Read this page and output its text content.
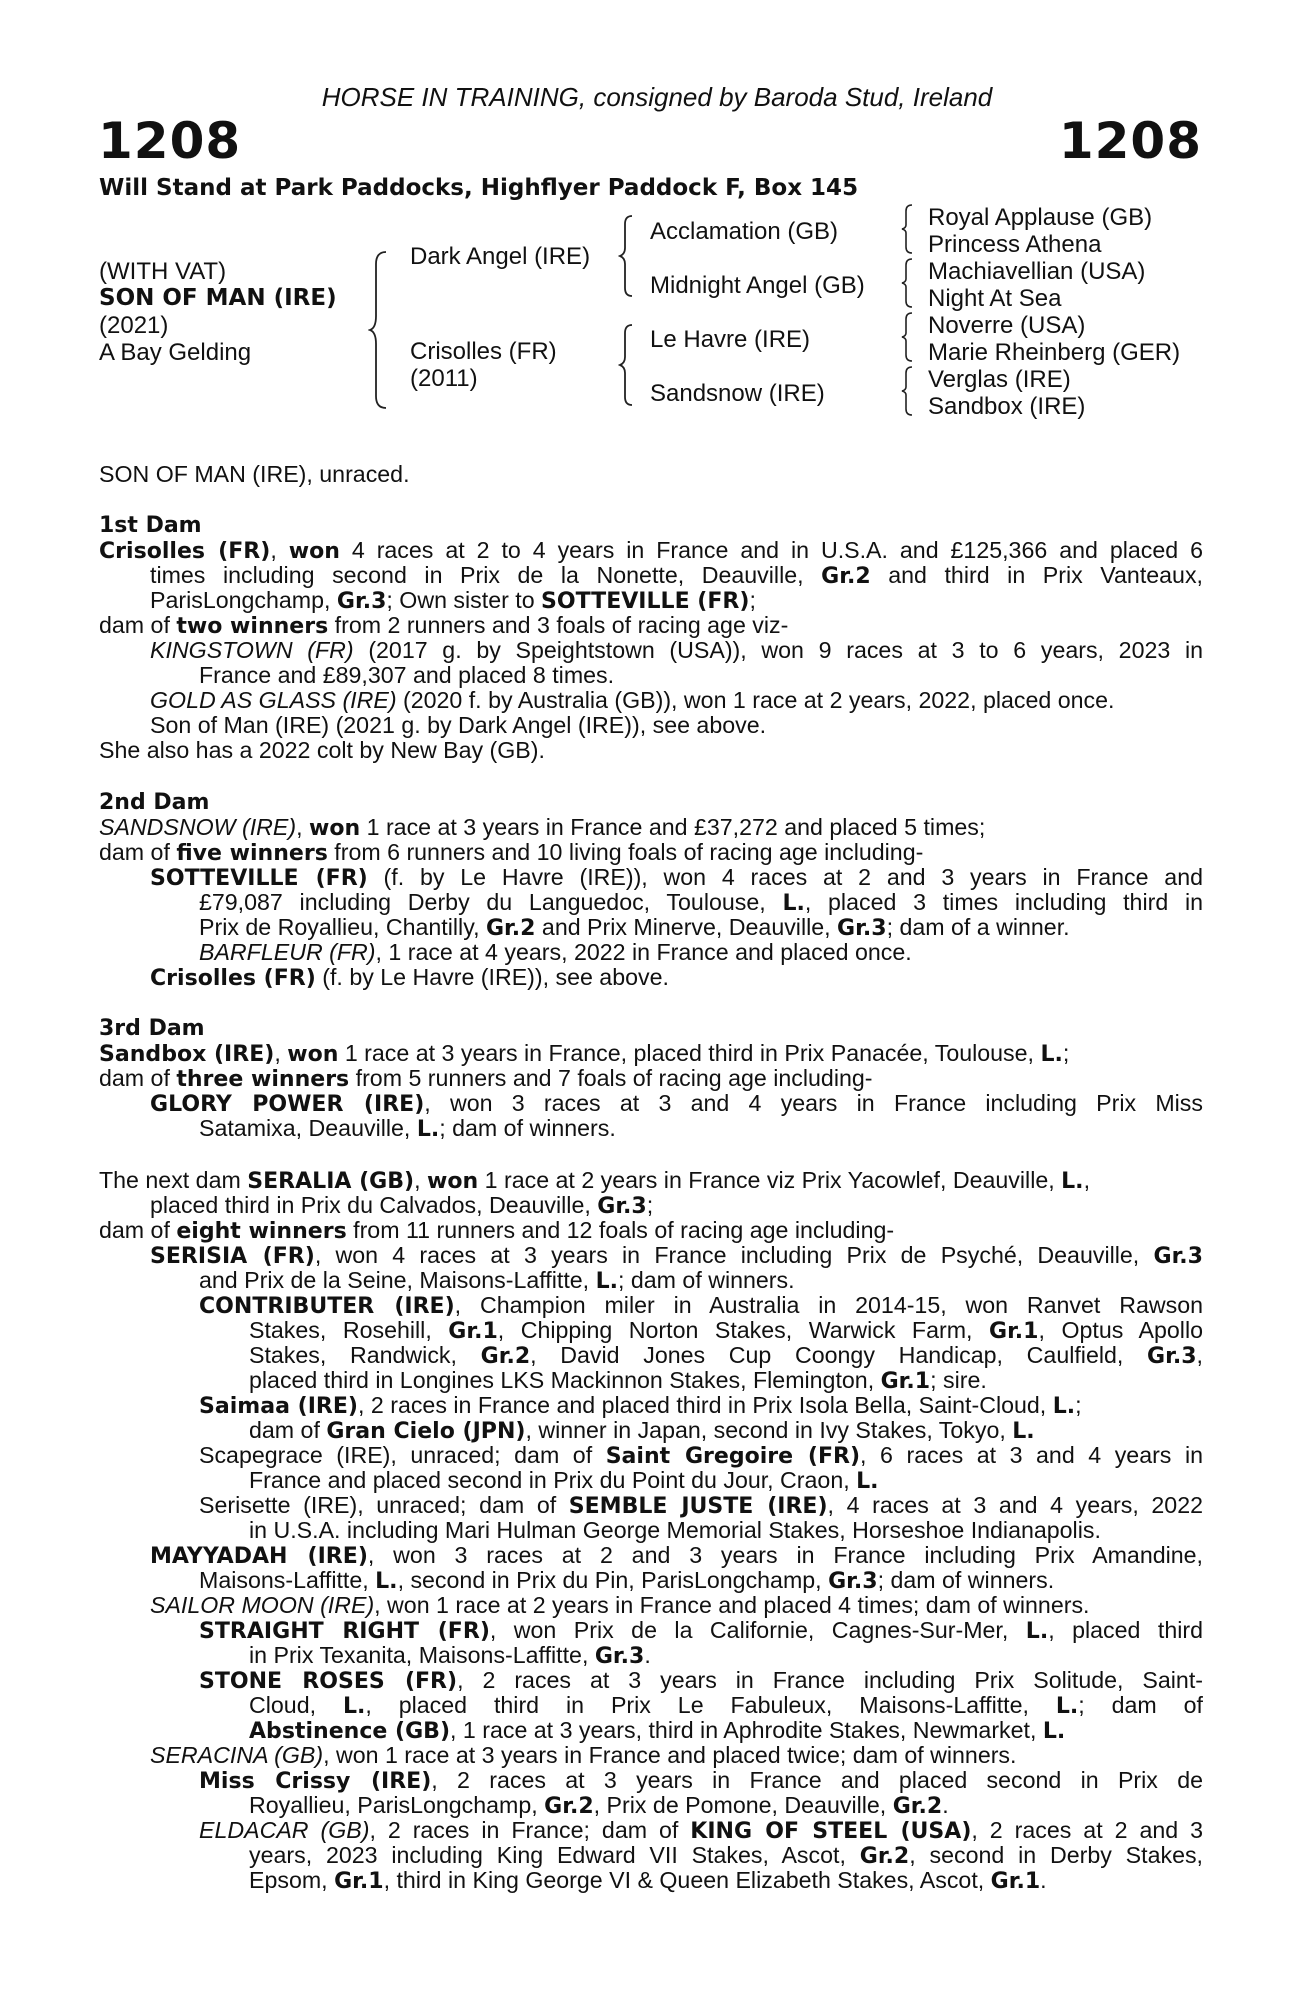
HORSE IN TRAINING, consigned by Baroda Stud, Ireland
1208	1208
Will Stand at Park Paddocks, Highflyer Paddock F, Box 145
(WITH VAT)
SON OF MAN (IRE)
(2021)
A Bay Gelding
Dark Angel (IRE)
Crisolles (FR)
(2011)
Acclamation (GB)
Midnight Angel (GB)
Le Havre (IRE)
Sandsnow (IRE)
Royal Applause (GB)
Princess Athena
Machiavellian (USA)
Night At Sea
Noverre (USA)
Marie Rheinberg (GER)
Verglas (IRE)
Sandbox (IRE)
SON OF MAN (IRE), unraced.
1st Dam
Crisolles (FR), won 4 races at 2 to 4 years in France and in U.S.A. and £125,366 and placed 6
times including second in Prix de la Nonette, Deauville, Gr.2 and third in Prix Vanteaux,
ParisLongchamp, Gr.3; Own sister to SOTTEVILLE (FR);
dam of two winners from 2 runners and 3 foals of racing age viz-
KINGSTOWN (FR) (2017 g. by Speightstown (USA)), won 9 races at 3 to 6 years, 2023 in
France and £89,307 and placed 8 times.
GOLD AS GLASS (IRE) (2020 f. by Australia (GB)), won 1 race at 2 years, 2022, placed once.
Son of Man (IRE) (2021 g. by Dark Angel (IRE)), see above.
She also has a 2022 colt by New Bay (GB).
2nd Dam
SANDSNOW (IRE), won 1 race at 3 years in France and £37,272 and placed 5 times;
dam of five winners from 6 runners and 10 living foals of racing age including-
SOTTEVILLE (FR) (f. by Le Havre (IRE)), won 4 races at 2 and 3 years in France and
£79,087 including Derby du Languedoc, Toulouse, L., placed 3 times including third in
Prix de Royallieu, Chantilly, Gr.2 and Prix Minerve, Deauville, Gr.3; dam of a winner.
BARFLEUR (FR), 1 race at 4 years, 2022 in France and placed once.
Crisolles (FR) (f. by Le Havre (IRE)), see above.
3rd Dam
Sandbox (IRE), won 1 race at 3 years in France, placed third in Prix Panacée, Toulouse, L.;
dam of three winners from 5 runners and 7 foals of racing age including-
GLORY POWER (IRE), won 3 races at 3 and 4 years in France including Prix Miss
Satamixa, Deauville, L.; dam of winners.
The next dam SERALIA (GB), won 1 race at 2 years in France viz Prix Yacowlef, Deauville, L.,
placed third in Prix du Calvados, Deauville, Gr.3;
dam of eight winners from 11 runners and 12 foals of racing age including-
SERISIA (FR), won 4 races at 3 years in France including Prix de Psyché, Deauville, Gr.3
and Prix de la Seine, Maisons-Laffitte, L.; dam of winners.
CONTRIBUTER (IRE), Champion miler in Australia in 2014-15, won Ranvet Rawson
Stakes, Rosehill, Gr.1, Chipping Norton Stakes, Warwick Farm, Gr.1, Optus Apollo
Stakes, Randwick, Gr.2, David Jones Cup Coongy Handicap, Caulfield, Gr.3,
placed third in Longines LKS Mackinnon Stakes, Flemington, Gr.1; sire.
Saimaa (IRE), 2 races in France and placed third in Prix Isola Bella, Saint-Cloud, L.;
dam of Gran Cielo (JPN), winner in Japan, second in Ivy Stakes, Tokyo, L.
Scapegrace (IRE), unraced; dam of Saint Gregoire (FR), 6 races at 3 and 4 years in
France and placed second in Prix du Point du Jour, Craon, L.
Serisette (IRE), unraced; dam of SEMBLE JUSTE (IRE), 4 races at 3 and 4 years, 2022
in U.S.A. including Mari Hulman George Memorial Stakes, Horseshoe Indianapolis.
MAYYADAH (IRE), won 3 races at 2 and 3 years in France including Prix Amandine,
Maisons-Laffitte, L., second in Prix du Pin, ParisLongchamp, Gr.3; dam of winners.
SAILOR MOON (IRE), won 1 race at 2 years in France and placed 4 times; dam of winners.
STRAIGHT RIGHT (FR), won Prix de la Californie, Cagnes-Sur-Mer, L., placed third
in Prix Texanita, Maisons-Laffitte, Gr.3.
STONE ROSES (FR), 2 races at 3 years in France including Prix Solitude, Saint-
Cloud, L., placed third in Prix Le Fabuleux, Maisons-Laffitte, L.; dam of
Abstinence (GB), 1 race at 3 years, third in Aphrodite Stakes, Newmarket, L.
SERACINA (GB), won 1 race at 3 years in France and placed twice; dam of winners.
Miss Crissy (IRE), 2 races at 3 years in France and placed second in Prix de
Royallieu, ParisLongchamp, Gr.2, Prix de Pomone, Deauville, Gr.2.
ELDACAR (GB), 2 races in France; dam of KING OF STEEL (USA), 2 races at 2 and 3
years, 2023 including King Edward VII Stakes, Ascot, Gr.2, second in Derby Stakes,
Epsom, Gr.1, third in King George VI & Queen Elizabeth Stakes, Ascot, Gr.1.
